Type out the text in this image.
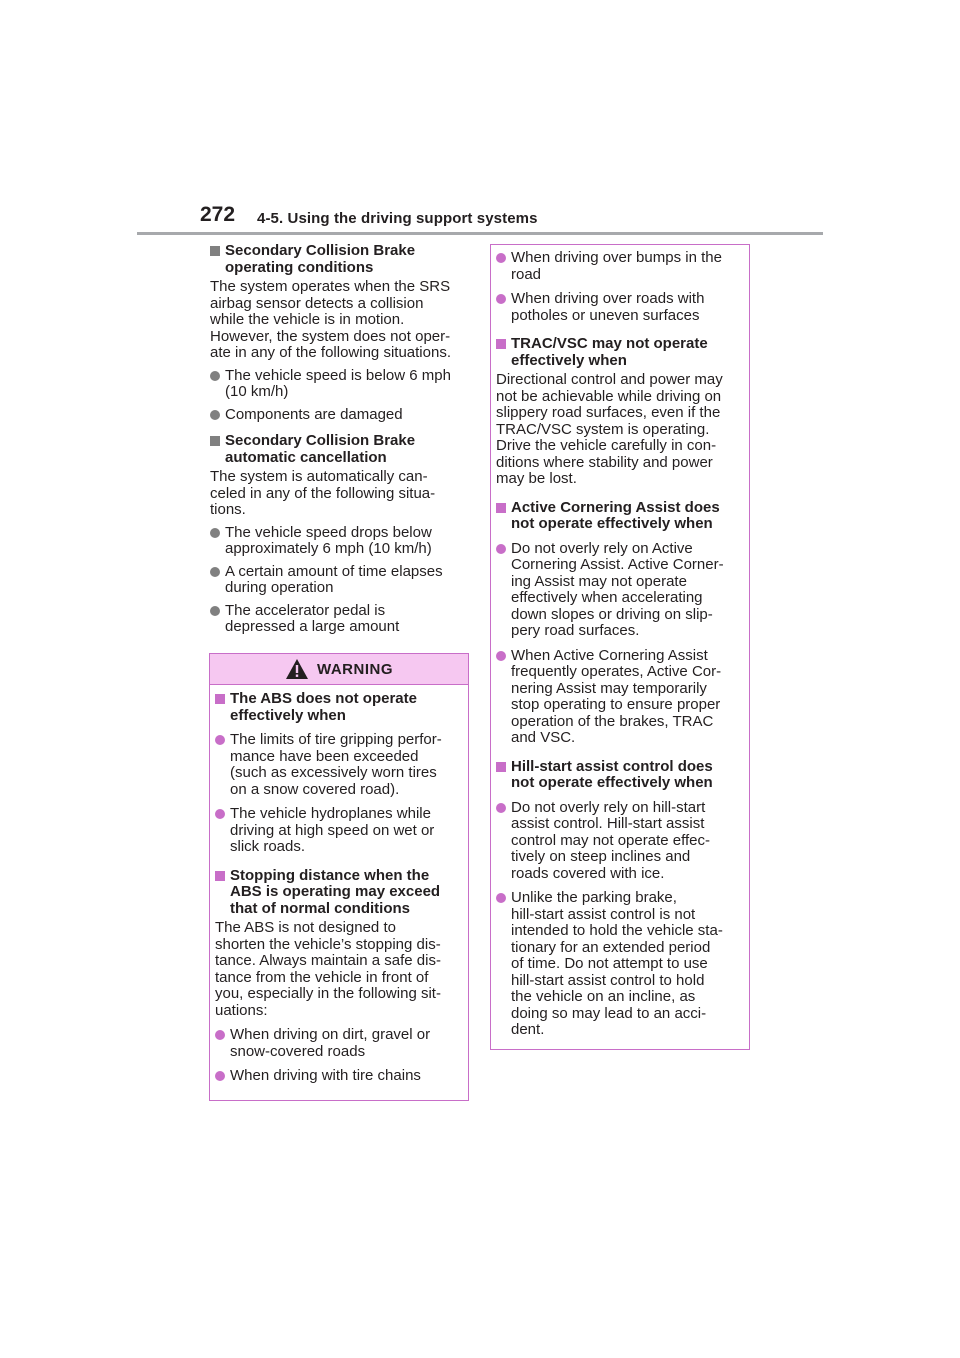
272 4-5. Using the driving support systems
Secondary Collision Brake
operating conditions
The system operates when the SRS
airbag sensor detects a collision
while the vehicle is in motion.
However, the system does not oper-
ate in any of the following situations.
The vehicle speed is below 6 mph
(10 km/h)
Components are damaged
Secondary Collision Brake
automatic cancellation
The system is automatically can-
celed in any of the following situa-
tions.
The vehicle speed drops below
approximately 6 mph (10 km/h)
A certain amount of time elapses
during operation
The accelerator pedal is
depressed a large amount
WARNING
The ABS does not operate
effectively when
The limits of tire gripping perfor-
mance have been exceeded
(such as excessively worn tires
on a snow covered road).
The vehicle hydroplanes while
driving at high speed on wet or
slick roads.
Stopping distance when the
ABS is operating may exceed
that of normal conditions
The ABS is not designed to
shorten the vehicle’s stopping dis-
tance. Always maintain a safe dis-
tance from the vehicle in front of
you, especially in the following sit-
uations:
When driving on dirt, gravel or
snow-covered roads
When driving with tire chains
When driving over bumps in the
road
When driving over roads with
potholes or uneven surfaces
TRAC/VSC may not operate
effectively when
Directional control and power may
not be achievable while driving on
slippery road surfaces, even if the
TRAC/VSC system is operating.
Drive the vehicle carefully in con-
ditions where stability and power
may be lost.
Active Cornering Assist does
not operate effectively when
Do not overly rely on Active
Cornering Assist. Active Corner-
ing Assist may not operate
effectively when accelerating
down slopes or driving on slip-
pery road surfaces.
When Active Cornering Assist
frequently operates, Active Cor-
nering Assist may temporarily
stop operating to ensure proper
operation of the brakes, TRAC
and VSC.
Hill-start assist control does
not operate effectively when
Do not overly rely on hill-start
assist control. Hill-start assist
control may not operate effec-
tively on steep inclines and
roads covered with ice.
Unlike the parking brake,
hill-start assist control is not
intended to hold the vehicle sta-
tionary for an extended period
of time. Do not attempt to use
hill-start assist control to hold
the vehicle on an incline, as
doing so may lead to an acci-
dent.
